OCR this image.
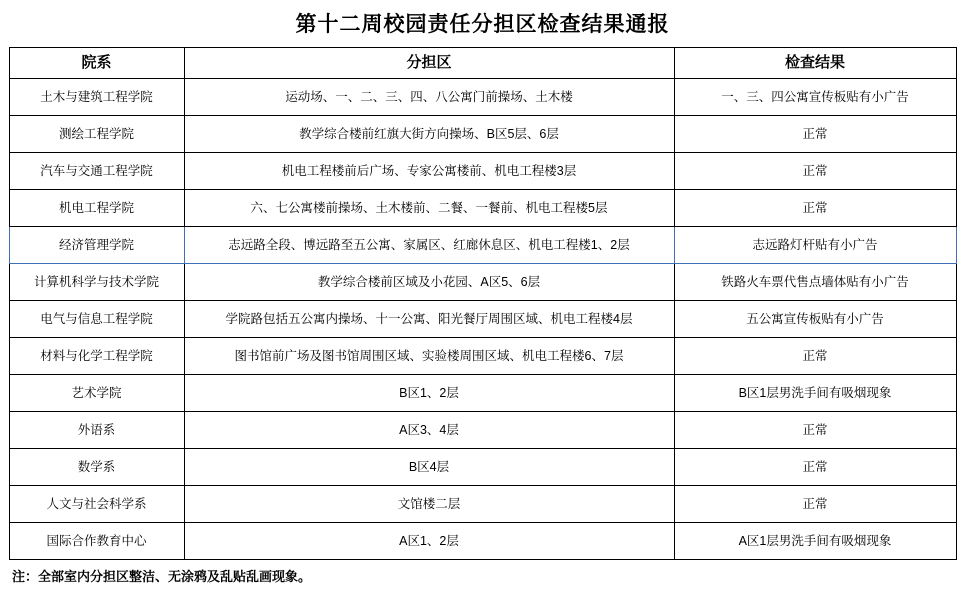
第十二周校园责任分担区检查结果通报
院系	分担区	检查结果
土木与建筑工程学院	运动场、一、二、三、四、八公寓门前操场、土木楼	一、三、四公寓宣传板贴有小广告
测绘工程学院	教学综合楼前红旗大街方向操场、B区5层、6层	正常
汽车与交通工程学院	机电工程楼前后广场、专家公寓楼前、机电工程楼3层	正常
机电工程学院	六、七公寓楼前操场、土木楼前、二餐、一餐前、机电工程楼5层	正常
经济管理学院	志远路全段、博远路至五公寓、家属区、红廊休息区、机电工程楼1、2层	志远路灯杆贴有小广告
计算机科学与技术学院	教学综合楼前区域及小花园、A区5、6层	铁路火车票代售点墙体贴有小广告
电气与信息工程学院	学院路包括五公寓内操场、十一公寓、阳光餐厅周围区域、机电工程楼4层	五公寓宣传板贴有小广告
材料与化学工程学院	图书馆前广场及图书馆周围区域、实验楼周围区域、机电工程楼6、7层	正常
艺术学院	B区1、2层	B区1层男洗手间有吸烟现象
外语系	A区3、4层	正常
数学系	B区4层	正常
人文与社会科学系	文馆楼二层	正常
国际合作教育中心	A区1、2层	A区1层男洗手间有吸烟现象
注：全部室内分担区整洁、无涂鸦及乱贴乱画现象。
